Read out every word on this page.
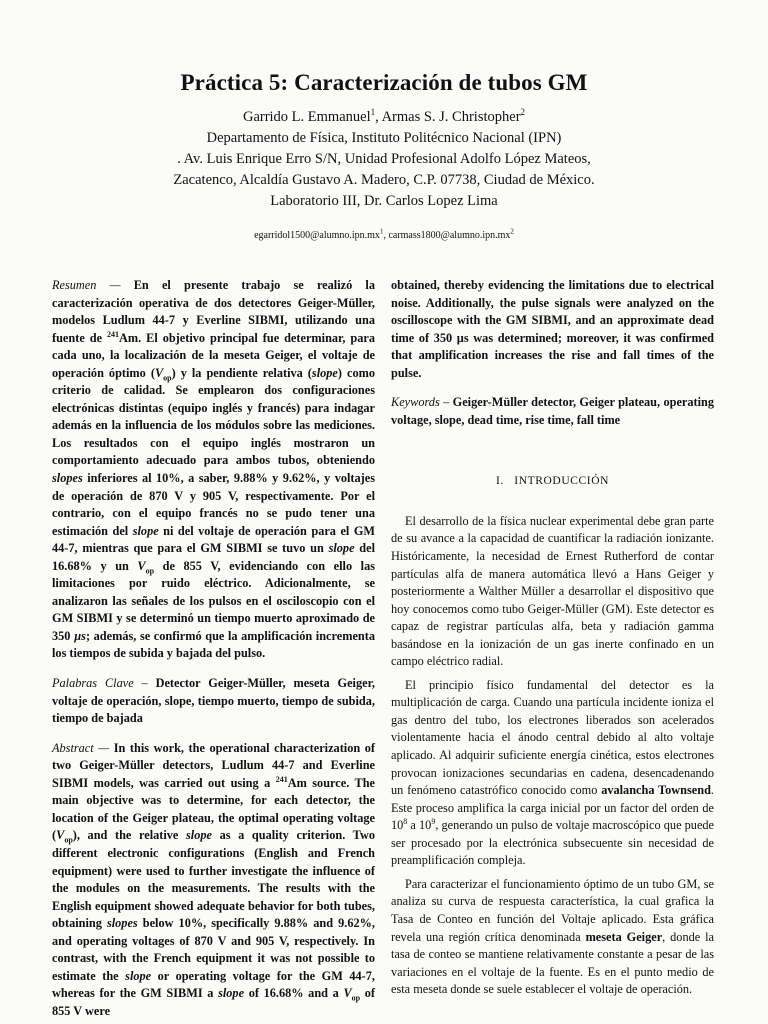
Práctica 5: Caracterización de tubos GM
Garrido L. Emmanuel$^1$, Armas S. J. Christopher$^2$
Departamento de Física, Instituto Politécnico Nacional (IPN)
. Av. Luis Enrique Erro S/N, Unidad Profesional Adolfo López Mateos,
Zacatenco, Alcaldía Gustavo A. Madero, C.P. 07738, Ciudad de México.
Laboratorio III, Dr. Carlos Lopez Lima
$egarridol1500@alumno.ipn.mx^1$, $carmass1800@alumno.ipn.mx^2$

Resumen — En el presente trabajo se realizó la caracterización operativa de dos detectores Geiger-Müller, modelos Ludlum 44-7 y Everline SIBMI, utilizando una fuente de $^{241}$Am. El objetivo principal fue determinar, para cada uno, la localización de la meseta Geiger, el voltaje de operación óptimo $(V_{op})$ y la pendiente relativa (slope) como criterio de calidad. Se emplearon dos configuraciones electrónicas distintas (equipo inglés y francés) para indagar además en la influencia de los módulos sobre las mediciones. Los resultados con el equipo inglés mostraron un comportamiento adecuado para ambos tubos, obteniendo slopes inferiores al 10%, a saber, 9.88% y 9.62%, y voltajes de operación de 870 V y 905 V, respectivamente. Por el contrario, con el equipo francés no se pudo tener una estimación del slope ni del voltaje de operación para el GM 44-7, mientras que para el GM SIBMI se tuvo un slope del 16.68% y un $V_{op}$ de 855 V, evidenciando con ello las limitaciones por ruido eléctrico. Adicionalmente, se analizaron las señales de los pulsos en el osciloscopio con el GM SIBMI y se determinó un tiempo muerto aproximado de 350 µs; además, se confirmó que la amplificación incrementa los tiempos de subida y bajada del pulso.

Palabras Clave – Detector Geiger-Müller, meseta Geiger, voltaje de operación, slope, tiempo muerto, tiempo de subida, tiempo de bajada

Abstract — In this work, the operational characterization of two Geiger-Müller detectors, Ludlum 44-7 and Everline SIBMI models, was carried out using a $^{241}$Am source. The main objective was to determine, for each detector, the location of the Geiger plateau, the optimal operating voltage $(V_{op})$, and the relative slope as a quality criterion. Two different electronic configurations (English and French equipment) were used to further investigate the influence of the modules on the measurements. The results with the English equipment showed adequate behavior for both tubes, obtaining slopes below 10%, specifically 9.88% and 9.62%, and operating voltages of 870 V and 905 V, respectively. In contrast, with the French equipment it was not possible to estimate the slope or operating voltage for the GM 44-7, whereas for the GM SIBMI a slope of 16.68% and a $V_{op}$ of 855 V were

obtained, thereby evidencing the limitations due to electrical noise. Additionally, the pulse signals were analyzed on the oscilloscope with the GM SIBMI, and an approximate dead time of 350 µs was determined; moreover, it was confirmed that amplification increases the rise and fall times of the pulse.

Keywords – Geiger-Müller detector, Geiger plateau, operating voltage, slope, dead time, rise time, fall time

I. INTRODUCCIÓN

El desarrollo de la física nuclear experimental debe gran parte de su avance a la capacidad de cuantificar la radiación ionizante. Históricamente, la necesidad de Ernest Rutherford de contar partículas alfa de manera automática llevó a Hans Geiger y posteriormente a Walther Müller a desarrollar el dispositivo que hoy conocemos como tubo Geiger-Müller (GM). Este detector es capaz de registrar partículas alfa, beta y radiación gamma basándose en la ionización de un gas inerte confinado en un campo eléctrico radial.

El principio físico fundamental del detector es la multiplicación de carga. Cuando una partícula incidente ioniza el gas dentro del tubo, los electrones liberados son acelerados violentamente hacia el ánodo central debido al alto voltaje aplicado. Al adquirir suficiente energía cinética, estos electrones provocan ionizaciones secundarias en cadena, desencadenando un fenómeno catastrófico conocido como avalancha Townsend. Este proceso amplifica la carga inicial por un factor del orden de $10^8$ a $10^9$, generando un pulso de voltaje macroscópico que puede ser procesado por la electrónica subsecuente sin necesidad de preamplificación compleja.

Para caracterizar el funcionamiento óptimo de un tubo GM, se analiza su curva de respuesta característica, la cual grafica la Tasa de Conteo en función del Voltaje aplicado. Esta gráfica revela una región crítica denominada meseta Geiger, donde la tasa de conteo se mantiene relativamente constante a pesar de las variaciones en el voltaje de la fuente. Es en el punto medio de esta meseta donde se suele establecer el voltaje de operación.
